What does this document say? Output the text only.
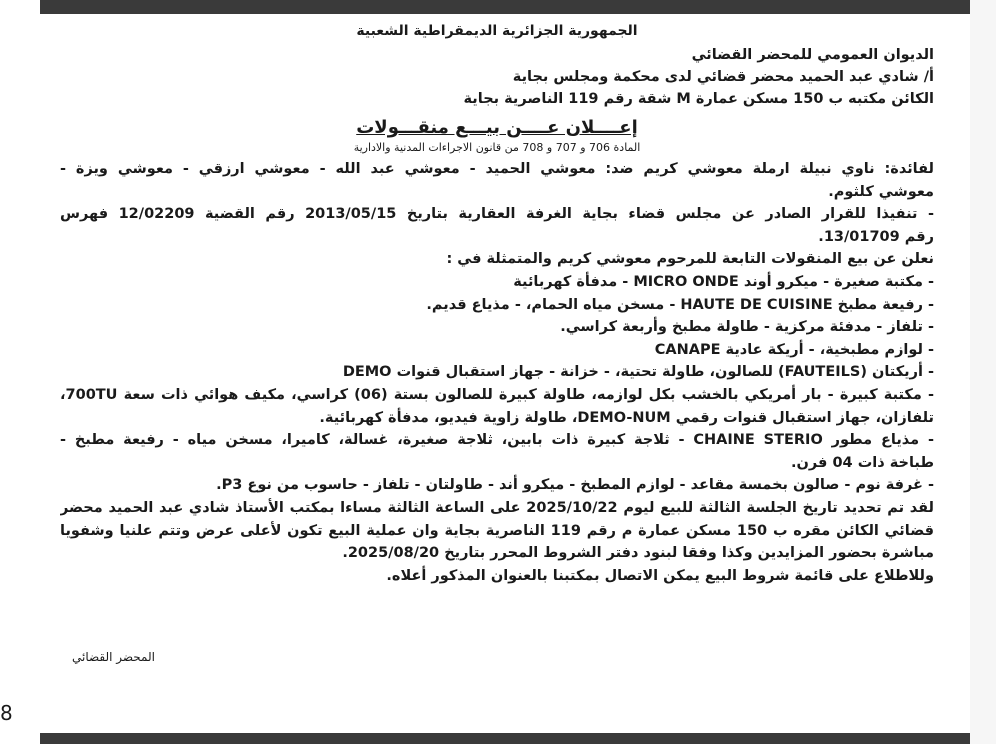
8
الجمهورية الجزائرية الديمقراطية الشعبية
الديوان العمومي للمحضر القضائي
أ/ شادي عبد الحميد محضر قضائي لدى محكمة ومجلس بجاية
الكائن مكتبه ب 150 مسكن عمارة M شقة رقم 119 الناصرية بجاية
إعــــلان عــــن بيـــع منقـــولات
المادة 706 و 707 و 708 من قانون الاجراءات المدنية والادارية
لفائدة: ناوي نبيلة ارملة معوشي كريم ضد: معوشي الحميد - معوشي عبد الله - معوشي ارزقي - معوشي ويزة -
معوشي كلثوم.
- تنفيذا للقرار الصادر عن مجلس قضاء بجاية الغرفة العقارية بتاريخ 2013/05/15 رقم القضية 12/02209 فهرس
رقم 13/01709.
نعلن عن بيع المنقولات التابعة للمرحوم معوشي كريم والمتمثلة في :
- مكتبة صغيرة - ميكرو أوند MICRO ONDE - مدفأة كهربائية
- رفيعة مطبخ HAUTE DE CUISINE - مسخن مياه الحمام، - مذياع قديم.
- تلفاز - مدفئة مركزية - طاولة مطبخ وأربعة كراسي.
- لوازم مطبخية، - أريكة عادية CANAPE
- أريكتان (FAUTEILS) للصالون، طاولة تحتية، - خزانة - جهاز استقبال قنوات DEMO
- مكتبة كبيرة - بار أمريكي بالخشب بكل لوازمه، طاولة كبيرة للصالون بستة (06) كراسي، مكيف هوائي ذات سعة 700TU،
تلفازان، جهاز استقبال قنوات رقمي DEMO-NUM، طاولة زاوية فيديو، مدفأة كهربائية.
- مذياع مطور CHAINE STERIO - ثلاجة كبيرة ذات بابين، ثلاجة صغيرة، غسالة، كاميرا، مسخن مياه - رفيعة مطبخ -
طباخة ذات 04 فرن.
- غرفة نوم - صالون بخمسة مقاعد - لوازم المطبخ - ميكرو أند - طاولتان - تلفاز - حاسوب من نوع P3.
لقد تم تحديد تاريخ الجلسة الثالثة للبيع ليوم 2025/10/22 على الساعة الثالثة مساءا بمكتب الأستاذ شادي عبد الحميد محضر
قضائي الكائن مقره ب 150 مسكن عمارة م رقم 119 الناصرية بجاية وان عملية البيع تكون لأعلى عرض وتتم علنيا وشفويا
مباشرة بحضور المزايدين وكذا وفقا لبنود دفتر الشروط المحرر بتاريخ 2025/08/20.
وللاطلاع على قائمة شروط البيع يمكن الاتصال بمكتبنا بالعنوان المذكور أعلاه.
المحضر القضائي
